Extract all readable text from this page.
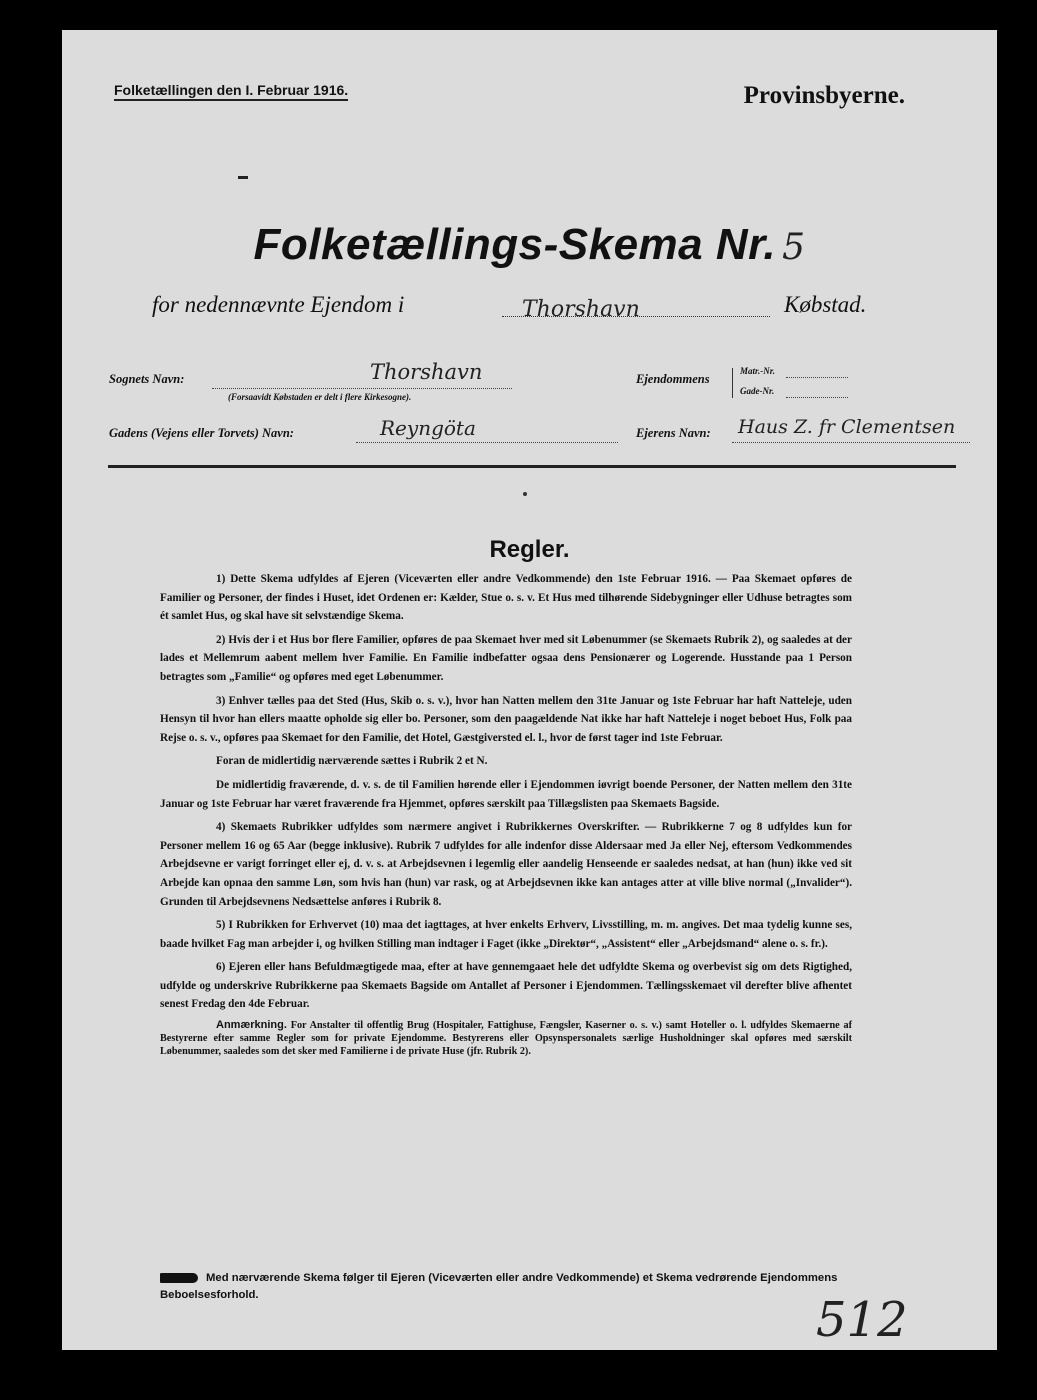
Folketællingen den I. Februar 1916.	Provinsbyerne.
Folketællings-Skema Nr. 5
for nedennævnte Ejendom i	Thorshavn	Købstad.
Sognets Navn:	Thorshavn
(Forsaavidt Købstaden er delt i flere Kirkesogne).
Ejendommens
Matr.-Nr.
Gade-Nr.
Gadens (Vejens eller Torvets) Navn:	Reyngöta	Ejerens Navn: Haus Z. fr Clementsen
Regler.

1) Dette Skema udfyldes af Ejeren (Viceværten eller andre Vedkommende) den 1ste Februar 1916. — Paa Skemaet opføres de Familier og Personer, der findes i Huset, idet Ordenen er: Kælder, Stue o. s. v. Et Hus med tilhørende Sidebygninger eller Udhuse betragtes som ét samlet Hus, og skal have sit selvstændige Skema.

2) Hvis der i et Hus bor flere Familier, opføres de paa Skemaet hver med sit Løbenummer (se Skemaets Rubrik 2), og saaledes at der lades et Mellemrum aabent mellem hver Familie. En Familie indbefatter ogsaa dens Pensionærer og Logerende. Husstande paa 1 Person betragtes som „Familie“ og opføres med eget Løbenummer.

3) Enhver tælles paa det Sted (Hus, Skib o. s. v.), hvor han Natten mellem den 31te Januar og 1ste Februar har haft Natteleje, uden Hensyn til hvor han ellers maatte opholde sig eller bo. Personer, som den paagældende Nat ikke har haft Natteleje i noget beboet Hus, Folk paa Rejse o. s. v., opføres paa Skemaet for den Familie, det Hotel, Gæstgiversted el. l., hvor de først tager ind 1ste Februar.

Foran de midlertidig nærværende sættes i Rubrik 2 et N.

De midlertidig fraværende, d. v. s. de til Familien hørende eller i Ejendommen iøvrigt boende Personer, der Natten mellem den 31te Januar og 1ste Februar har været fraværende fra Hjemmet, opføres særskilt paa Tillægslisten paa Skemaets Bagside.

4) Skemaets Rubrikker udfyldes som nærmere angivet i Rubrikkernes Overskrifter. — Rubrikkerne 7 og 8 udfyldes kun for Personer mellem 16 og 65 Aar (begge inklusive). Rubrik 7 udfyldes for alle indenfor disse Aldersaar med Ja eller Nej, eftersom Vedkommendes Arbejdsevne er varigt forringet eller ej, d. v. s. at Arbejdsevnen i legemlig eller aandelig Henseende er saaledes nedsat, at han (hun) ikke ved sit Arbejde kan opnaa den samme Løn, som hvis han (hun) var rask, og at Arbejdsevnen ikke kan antages atter at ville blive normal („Invalider“). Grunden til Arbejdsevnens Nedsættelse anføres i Rubrik 8.

5) I Rubrikken for Erhvervet (10) maa det iagttages, at hver enkelts Erhverv, Livsstilling, m. m. angives. Det maa tydelig kunne ses, baade hvilket Fag man arbejder i, og hvilken Stilling man indtager i Faget (ikke „Direktør“, „Assistent“ eller „Arbejdsmand“ alene o. s. fr.).

6) Ejeren eller hans Befuldmægtigede maa, efter at have gennemgaaet hele det udfyldte Skema og overbevist sig om dets Rigtighed, udfylde og underskrive Rubrikkerne paa Skemaets Bagside om Antallet af Personer i Ejendommen. Tællingsskemaet vil derefter blive afhentet senest Fredag den 4de Februar.

Anmærkning. For Anstalter til offentlig Brug (Hospitaler, Fattighuse, Fængsler, Kaserner o. s. v.) samt Hoteller o. l. udfyldes Skemaerne af Bestyrerne efter samme Regler som for private Ejendomme. Bestyrerens eller Opsynspersonalets særlige Husholdninger skal opføres med særskilt Løbenummer, saaledes som det sker med Familierne i de private Huse (jfr. Rubrik 2).

Med nærværende Skema følger til Ejeren (Viceværten eller andre Vedkommende) et Skema vedrørende Ejendommens Beboelsesforhold.	512
